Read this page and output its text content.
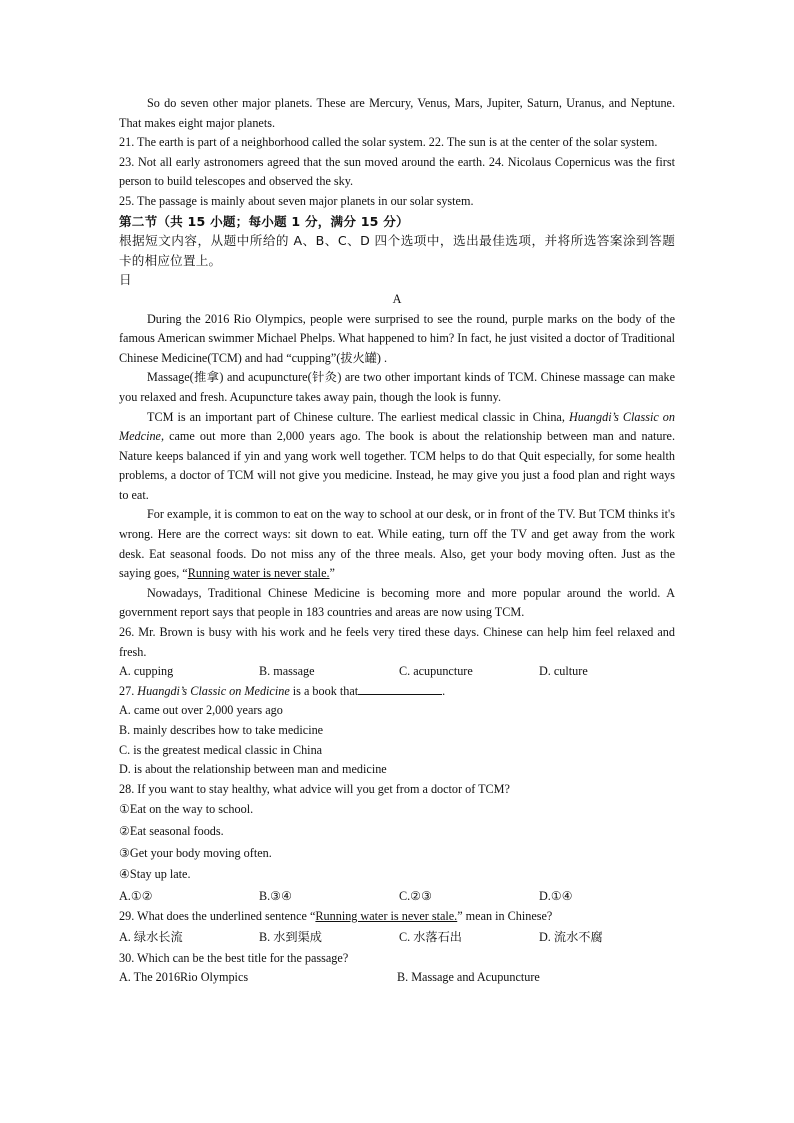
So do seven other major planets. These are Mercury, Venus, Mars, Jupiter, Saturn, Uranus, and Neptune. That makes eight major planets.

21. The earth is part of a neighborhood called the solar system. 22. The sun is at the center of the solar system.

23. Not all early astronomers agreed that the sun moved around the earth. 24. Nicolaus Copernicus was the first person to build telescopes and observed the sky.

25. The passage is mainly about seven major planets in our solar system.

第二节（共 15 小题；每小题 1 分，满分 15 分）

根据短文内容，从题中所给的 A、B、C、D 四个选项中，选出最佳选项，并将所选答案涂到答题卡的相应位置上。

日

A

During the 2016 Rio Olympics, people were surprised to see the round, purple marks on the body of the famous American swimmer Michael Phelps. What happened to him? In fact, he just visited a doctor of Traditional Chinese Medicine(TCM) and had “cupping”(拔火罐) .

Massage(推拿) and acupuncture(针灸) are two other important kinds of TCM. Chinese massage can make you relaxed and fresh. Acupuncture takes away pain, though the look is funny.

TCM is an important part of Chinese culture. The earliest medical classic in China, Huangdi’s Classic on Medcine, came out more than 2,000 years ago. The book is about the relationship between man and nature. Nature keeps balanced if yin and yang work well together. TCM helps to do that Quit especially, for some health problems, a doctor of TCM will not give you medicine. Instead, he may give you just a food plan and right ways to eat.

For example, it is common to eat on the way to school at our desk, or in front of the TV. But TCM thinks it's wrong. Here are the correct ways: sit down to eat. While eating, turn off the TV and get away from the work desk. Eat seasonal foods. Do not miss any of the three meals. Also, get your body moving often. Just as the saying goes, “Running water is never stale.”

Nowadays, Traditional Chinese Medicine is becoming more and more popular around the world. A government report says that people in 183 countries and areas are now using TCM.

26. Mr. Brown is busy with his work and he feels very tired these days. Chinese can help him feel relaxed and fresh.

A. cupping	B. massage	C. acupuncture	D. culture

27. Huangdi’s Classic on Medicine is a book that	.

A. came out over 2,000 years ago

B. mainly describes how to take medicine

C. is the greatest medical classic in China

D. is about the relationship between man and medicine

28. If you want to stay healthy, what advice will you get from a doctor of TCM?

①Eat on the way to school.

②Eat seasonal foods.

③Get your body moving often.

④Stay up late.

A.①②	B.③④	C.②③	D.①④

29. What does the underlined sentence “Running water is never stale.” mean in Chinese?

A. 绿水长流	B. 水到渠成	C. 水落石出	D. 流水不腐

30. Which can be the best title for the passage?

A. The 2016Rio Olympics	B. Massage and Acupuncture
